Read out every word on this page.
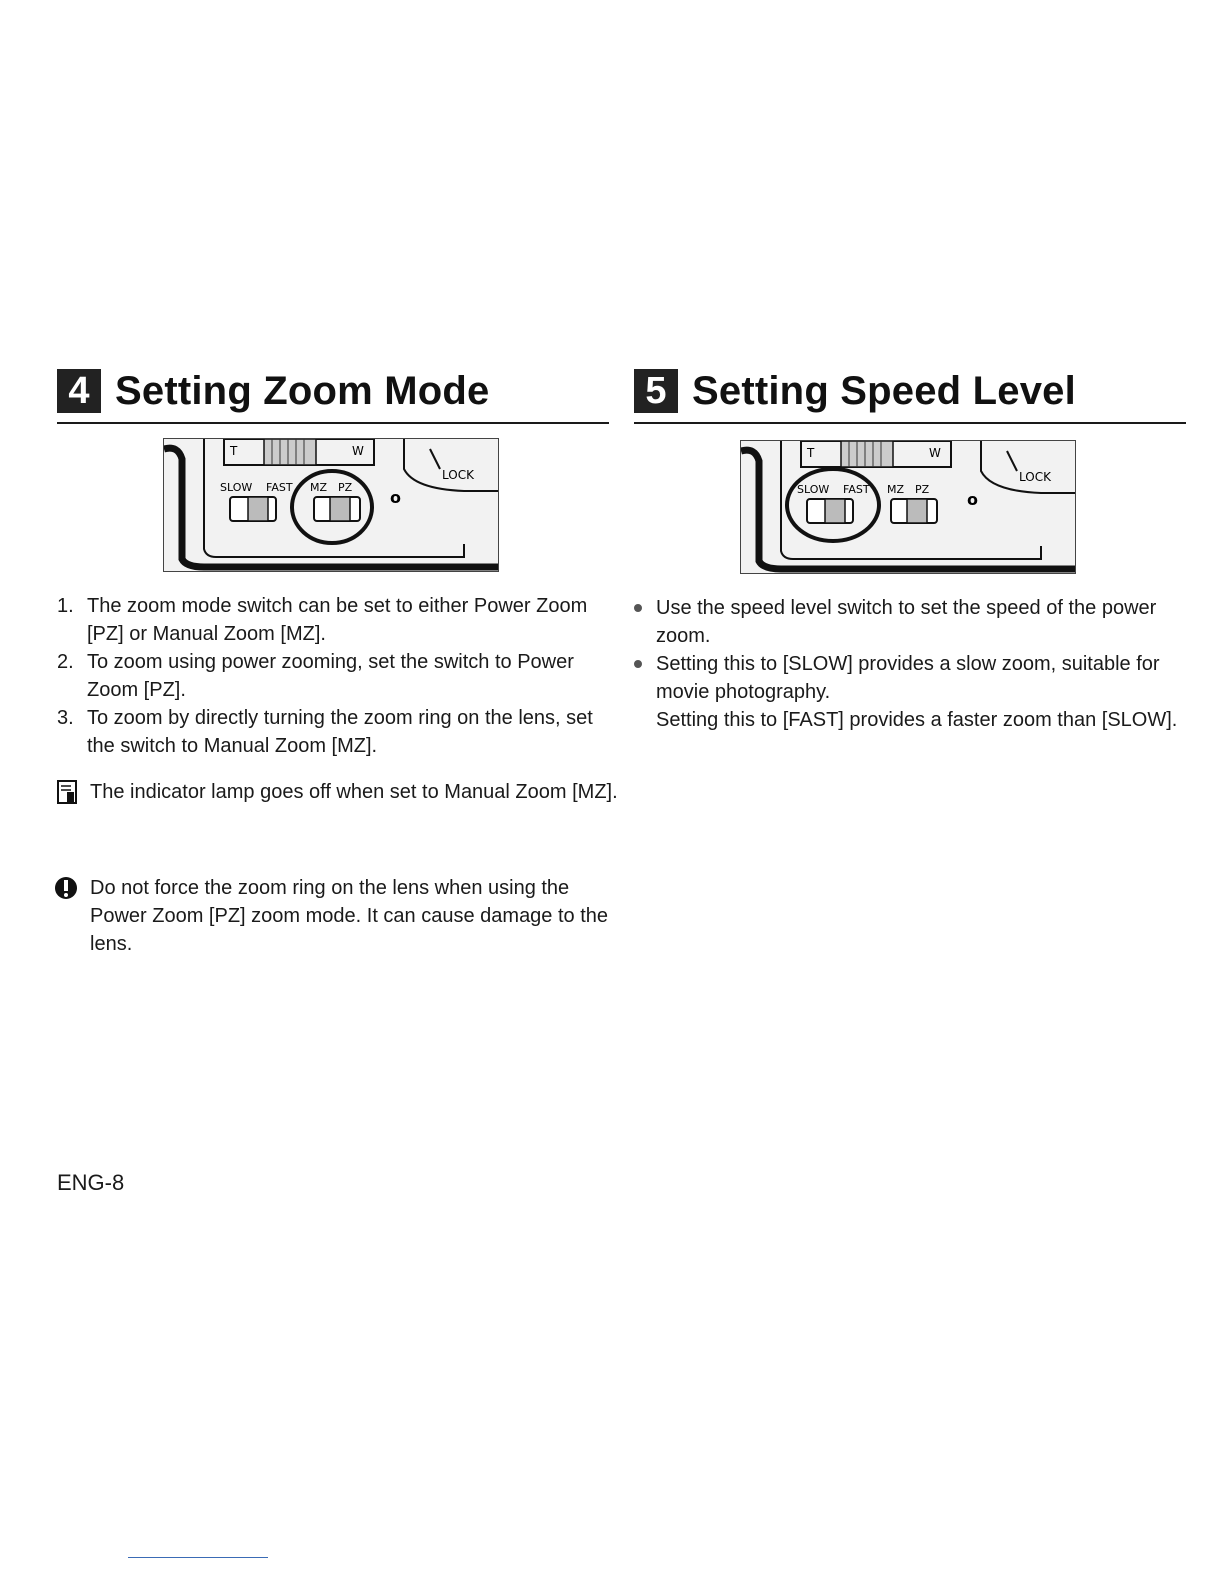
4 Setting Zoom Mode
T	W
SLOW FAST MZ PZ
LOCK
o
1. The zoom mode switch can be set to either Power Zoom [PZ] or Manual Zoom [MZ].
2. To zoom using power zooming, set the switch to Power Zoom [PZ].
3. To zoom by directly turning the zoom ring on the lens, set the switch to Manual Zoom [MZ].
The indicator lamp goes off when set to Manual Zoom [MZ].
Do not force the zoom ring on the lens when using the Power Zoom [PZ] zoom mode. It can cause damage to the lens.
5 Setting Speed Level
T	W
SLOW FAST MZ PZ
LOCK
o
Use the speed level switch to set the speed of the power zoom.
Setting this to [SLOW] provides a slow zoom, suitable for movie photography.
Setting this to [FAST] provides a faster zoom than [SLOW].
ENG-8
